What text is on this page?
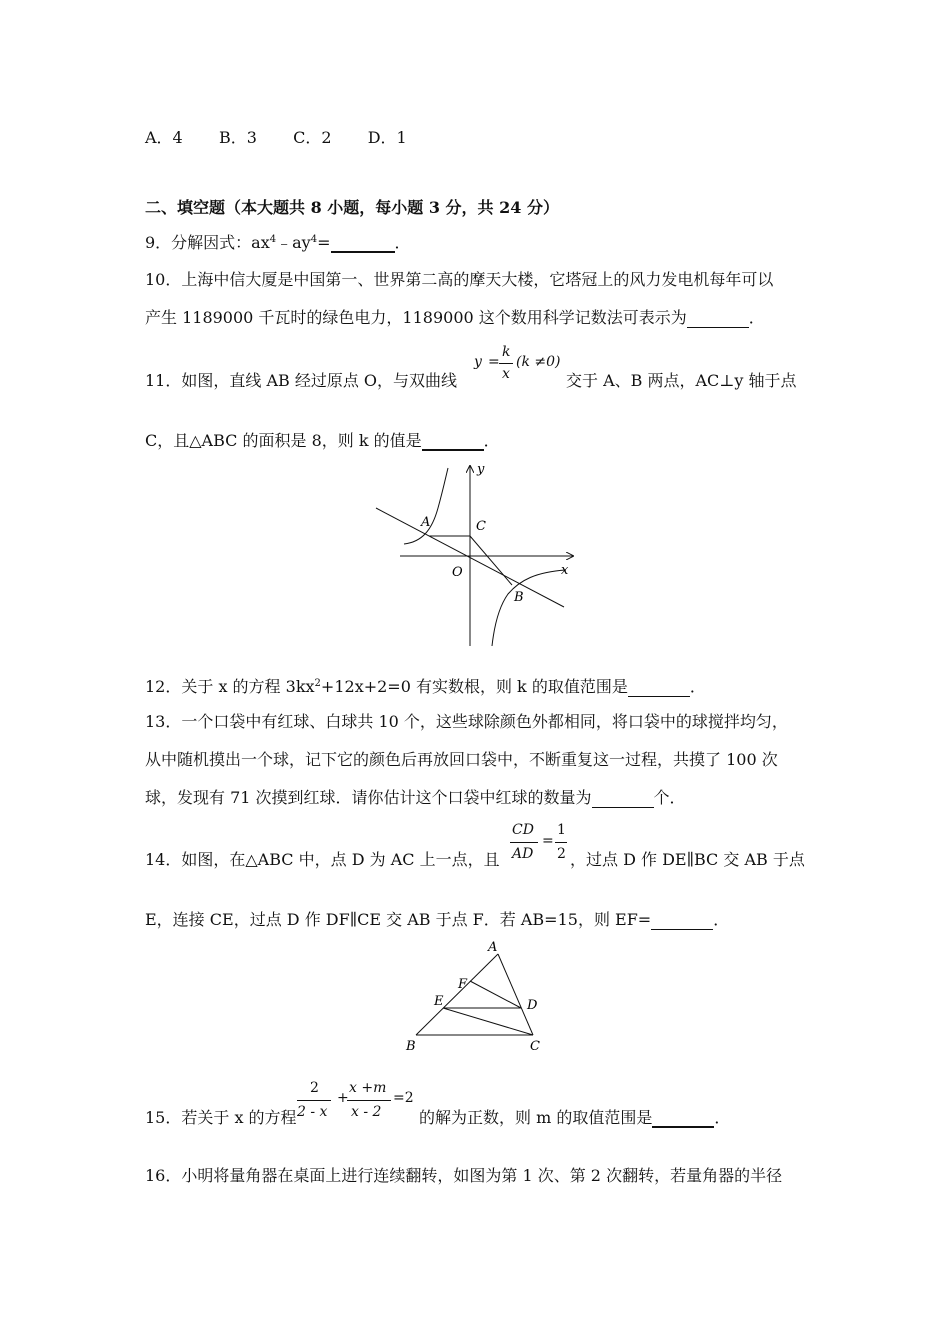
A．4 B．3 C．2 D．1
二、填空题（本大题共 8 小题，每小题 3 分，共 24 分）
9．分解因式：$ax^4﹣ay^4=$	．
10．上海中信大厦是中国第一、世界第二高的摩天大楼，它塔冠上的风力发电机每年可以
产生 1189000 千瓦时的绿色电力，1189000 这个数用科学记数法可表示为	．
11．如图，直线 AB 经过原点 O，与双曲线
y =
k
x
(k ≠0)
交于 A、B 两点，AC⊥y 轴于点
C，且△ABC 的面积是 8，则 k 的值是	．
A	C
O
B
y
x
12．关于 x 的方程 $3kx^2+12x+2=0$ 有实数根，则 k 的取值范围是	．
13．一个口袋中有红球、白球共 10 个，这些球除颜色外都相同，将口袋中的球搅拌均匀，
从中随机摸出一个球，记下它的颜色后再放回口袋中，不断重复这一过程，共摸了 100 次
球，发现有 71 次摸到红球．请你估计这个口袋中红球的数量为	个．
14．如图，在△ABC 中，点 D 为 AC 上一点，且
CD
AD
=
1
2 ，过点 D 作 DE∥BC 交 AB 于点
E，连接 CE，过点 D 作 DF∥CE 交 AB 于点 F．若 AB=15，则 EF=	．
A
F
E	D
B	C
15．若关于 x 的方程
2
2 - x
+
x +m
x - 2
=2
的解为正数，则 m 的取值范围是	．
16．小明将量角器在桌面上进行连续翻转，如图为第 1 次、第 2 次翻转，若量角器的半径
